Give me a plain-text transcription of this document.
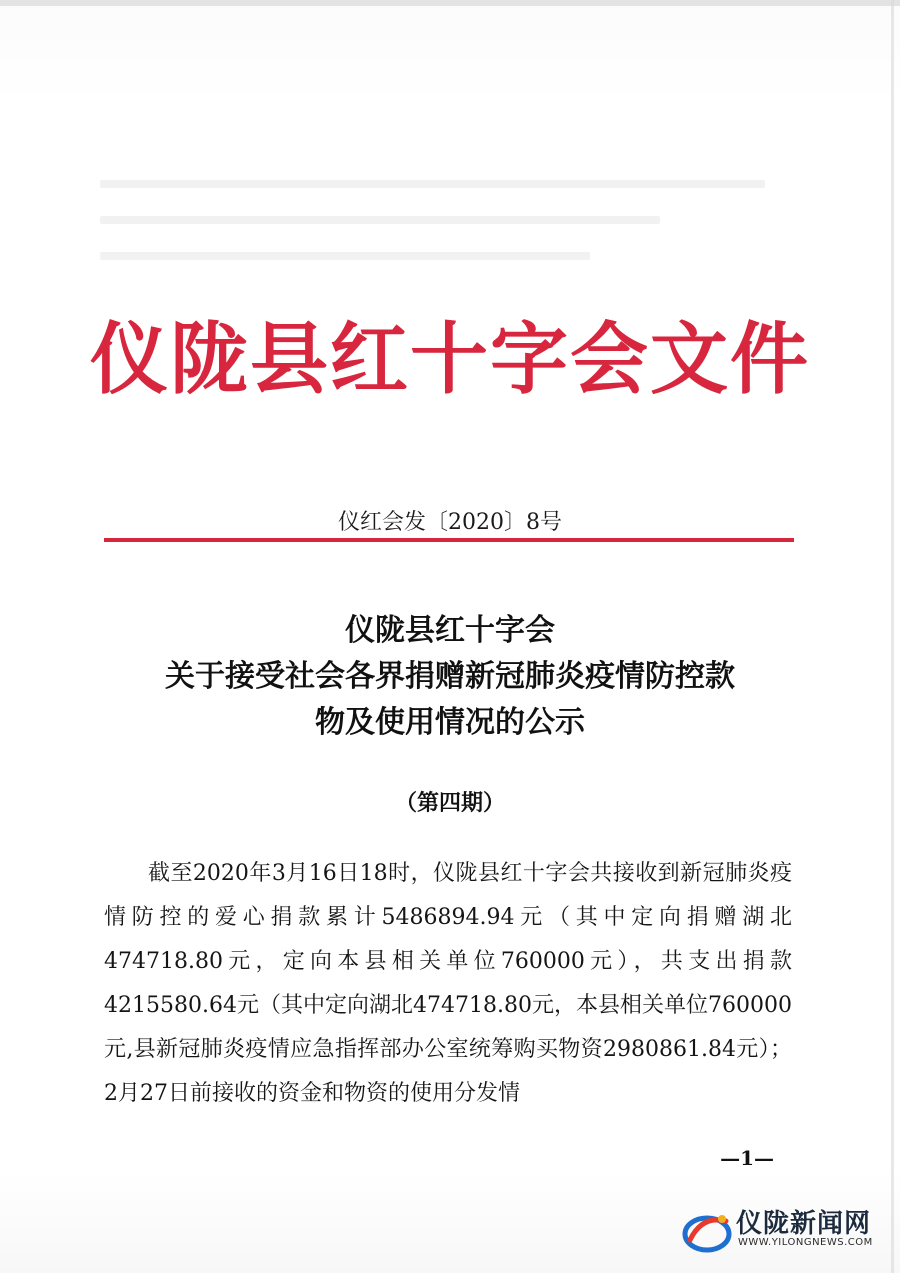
仪陇县红十字会文件
仪红会发〔2020〕8号
仪陇县红十字会
关于接受社会各界捐赠新冠肺炎疫情防控款
物及使用情况的公示
（第四期）

截至2020年3月16日18时，仪陇县红十字会共接收到新冠肺炎疫情防控的爱心捐款累计5486894.94元（其中定向捐赠湖北474718.80元，定向本县相关单位760000元），共支出捐款4215580.64元（其中定向湖北474718.80元，本县相关单位760000 元,县新冠肺炎疫情应急指挥部办公室统筹购买物资2980861.84元）；2月27日前接收的资金和物资的使用分发情

—1—
仪陇新闻网
WWW.YILONGNEWS.COM
